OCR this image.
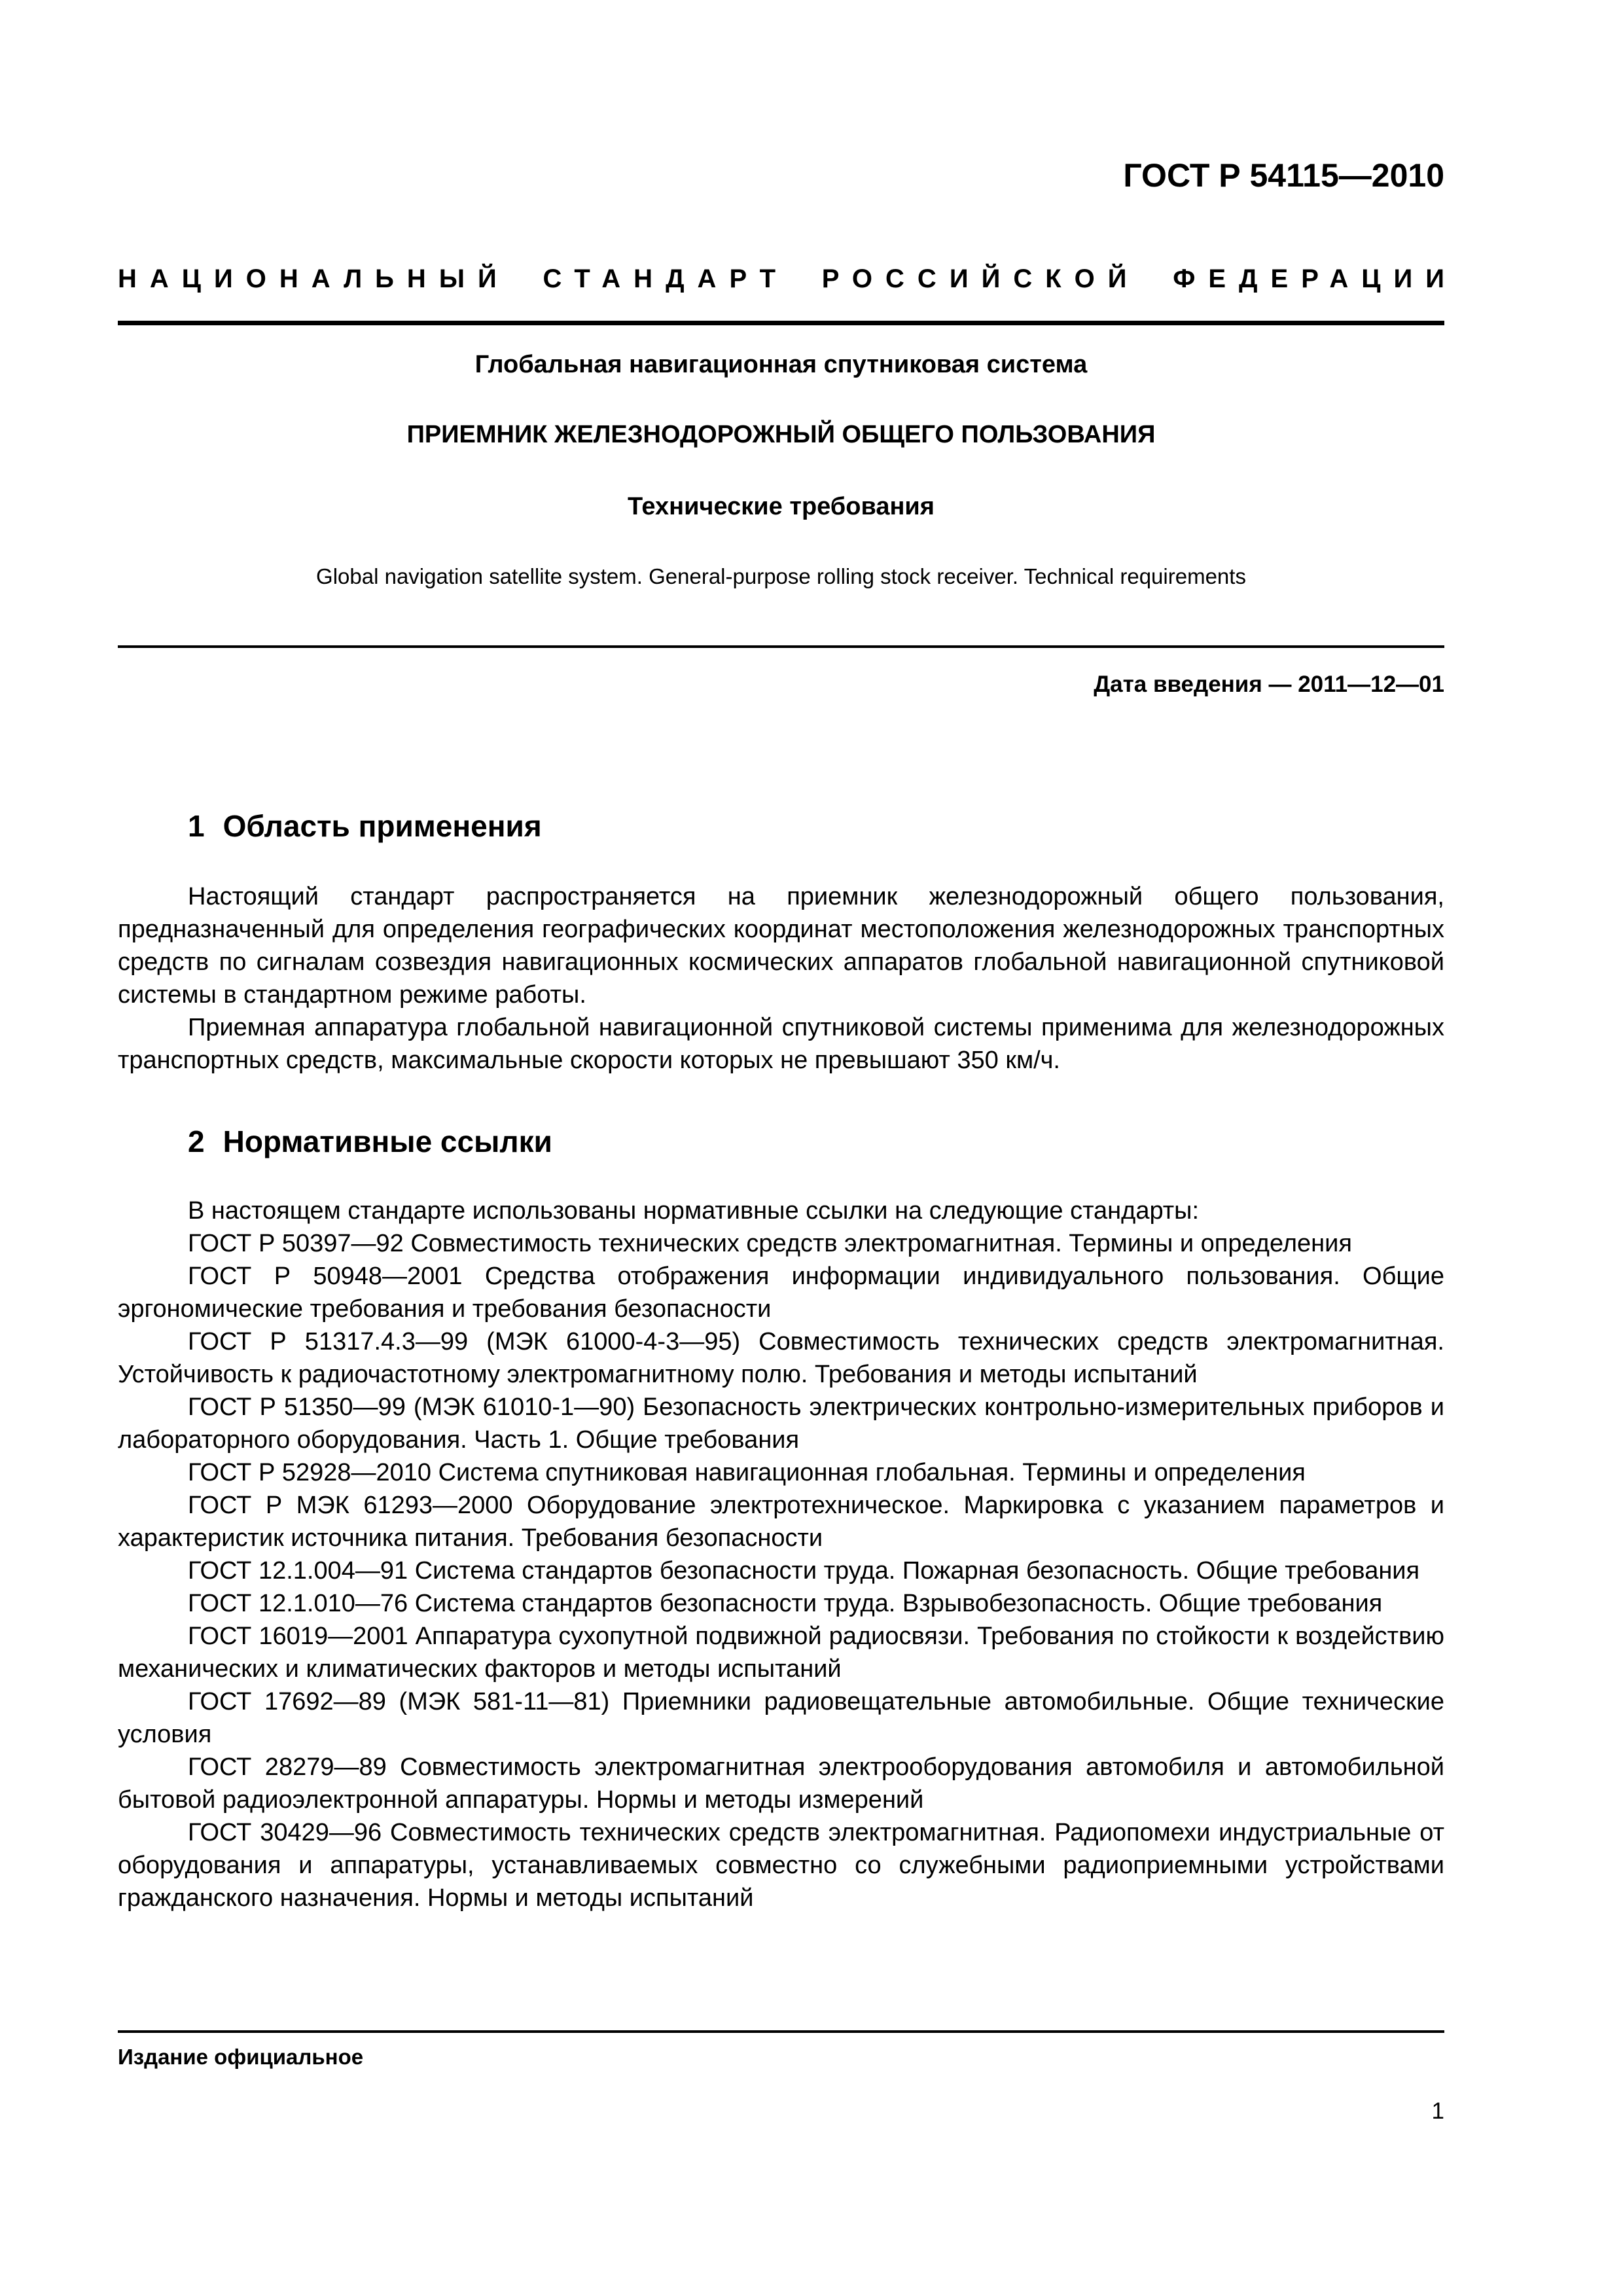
ГОСТ Р 54115—2010
НАЦИОНАЛЬНЫЙ СТАНДАРТ РОССИЙСКОЙ ФЕДЕРАЦИИ
Глобальная навигационная спутниковая система
ПРИЕМНИК ЖЕЛЕЗНОДОРОЖНЫЙ ОБЩЕГО ПОЛЬЗОВАНИЯ
Технические требования
Global navigation satellite system. General-purpose rolling stock receiver. Technical requirements
Дата введения — 2011—12—01
1 Область применения

Настоящий стандарт распространяется на приемник железнодорожный общего пользования, предназначенный для определения географических координат местоположения железнодорожных транспортных средств по сигналам созвездия навигационных космических аппаратов глобальной навигационной спутниковой системы в стандартном режиме работы.

Приемная аппаратура глобальной навигационной спутниковой системы применима для железнодорожных транспортных средств, максимальные скорости которых не превышают 350 км/ч.

2 Нормативные ссылки

В настоящем стандарте использованы нормативные ссылки на следующие стандарты:

ГОСТ Р 50397—92 Совместимость технических средств электромагнитная. Термины и определения

ГОСТ Р 50948—2001 Средства отображения информации индивидуального пользования. Общие эргономические требования и требования безопасности

ГОСТ Р 51317.4.3—99 (МЭК 61000-4-3—95) Совместимость технических средств электромагнитная. Устойчивость к радиочастотному электромагнитному полю. Требования и методы испытаний

ГОСТ Р 51350—99 (МЭК 61010-1—90) Безопасность электрических контрольно-измерительных приборов и лабораторного оборудования. Часть 1. Общие требования

ГОСТ Р 52928—2010 Система спутниковая навигационная глобальная. Термины и определения

ГОСТ Р МЭК 61293—2000 Оборудование электротехническое. Маркировка с указанием параметров и характеристик источника питания. Требования безопасности

ГОСТ 12.1.004—91 Система стандартов безопасности труда. Пожарная безопасность. Общие требования

ГОСТ 12.1.010—76 Система стандартов безопасности труда. Взрывобезопасность. Общие требования

ГОСТ 16019—2001 Аппаратура сухопутной подвижной радиосвязи. Требования по стойкости к воздействию механических и климатических факторов и методы испытаний

ГОСТ 17692—89 (МЭК 581-11—81) Приемники радиовещательные автомобильные. Общие технические условия

ГОСТ 28279—89 Совместимость электромагнитная электрооборудования автомобиля и автомобильной бытовой радиоэлектронной аппаратуры. Нормы и методы измерений

ГОСТ 30429—96 Совместимость технических средств электромагнитная. Радиопомехи индустриальные от оборудования и аппаратуры, устанавливаемых совместно со служебными радиоприемными устройствами гражданского назначения. Нормы и методы испытаний

Издание официальное
1
